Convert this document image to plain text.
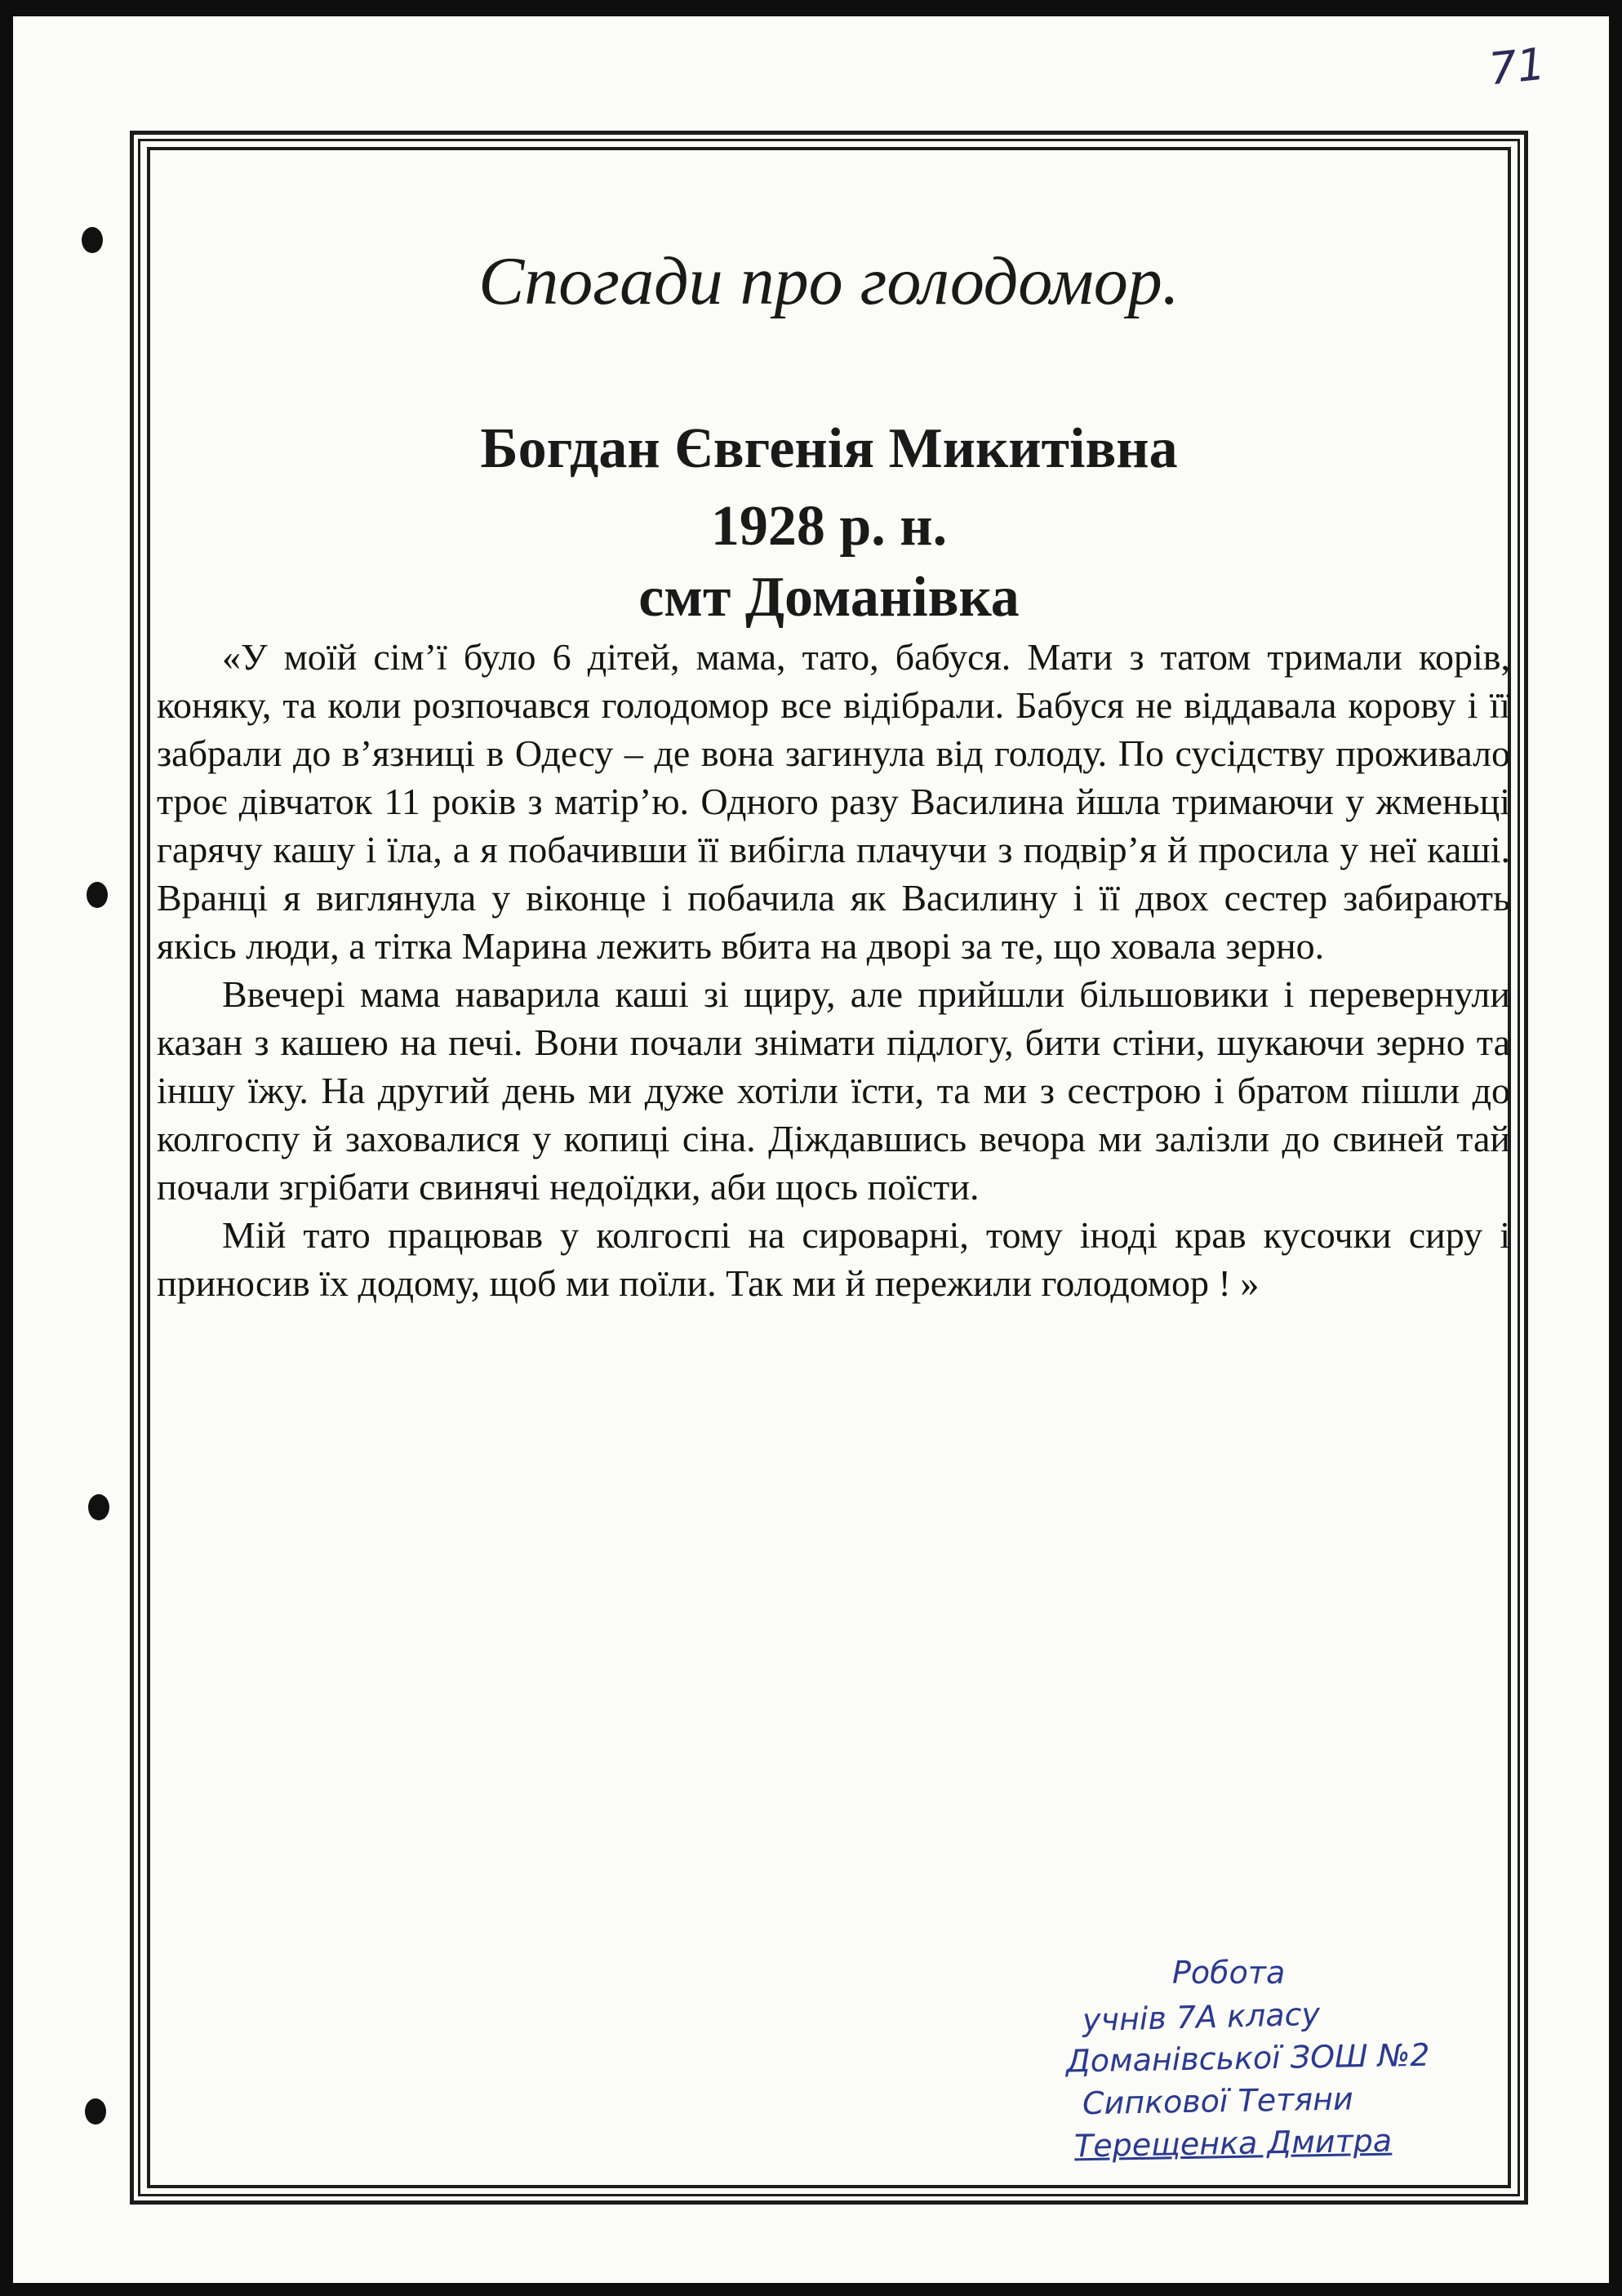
71
Спогади про голодомор.
Богдан Євгенія Микитівна
1928 р. н.
смт Доманівка

«У моїй сім’ї було 6 дітей, мама, тато, бабуся. Мати з татом тримали корів, коняку, та коли розпочався голодомор все відібрали. Бабуся не віддавала корову і її забрали до в’язниці в Одесу – де вона загинула від голоду. По сусідству проживало троє дівчаток 11 років з матір’ю. Одного разу Василина йшла тримаючи у жменьці гарячу кашу і їла, а я побачивши її вибігла плачучи з подвір’я й просила у неї каші. Вранці я виглянула у віконце і побачила як Василину і її двох сестер забирають якісь люди, а тітка Марина лежить вбита на дворі за те, що ховала зерно.

Ввечері мама наварила каші зі щиру, але прийшли більшовики і перевернули казан з кашею на печі. Вони почали знімати підлогу, бити стіни, шукаючи зерно та іншу їжу. На другий день ми дуже хотіли їсти, та ми з сестрою і братом пішли до колгоспу й заховалися у копиці сіна. Діждавшись вечора ми залізли до свиней тай почали згрібати свинячі недоїдки, аби щось поїсти.

Мій тато працював у колгоспі на сироварні, тому іноді крав кусочки сиру і приносив їх додому, щоб ми поїли. Так ми й пережили голодомор ! »

Робота
учнів 7А класу
Доманівської ЗОШ №2
Сипкової Тетяни
Терещенка Дмитра
